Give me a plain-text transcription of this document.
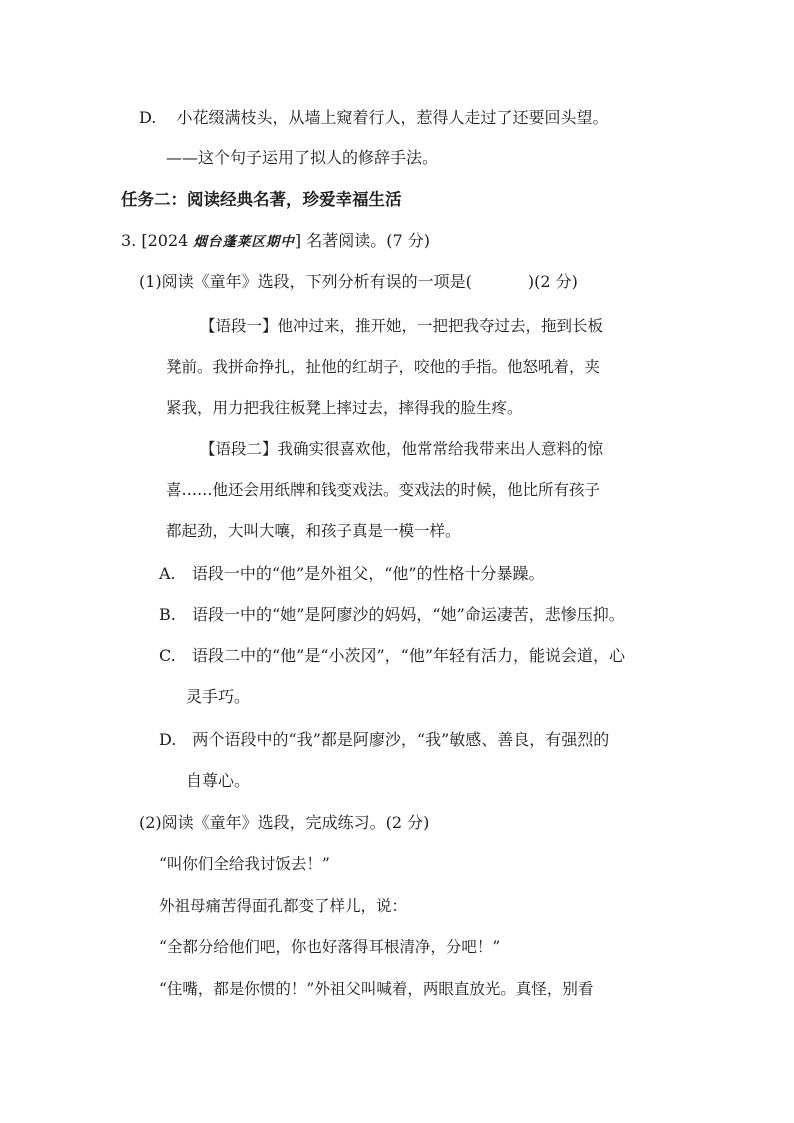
D. 小花缀满枝头，从墙上窥着行人，惹得人走过了还要回头望。
——这个句子运用了拟人的修辞手法。
任务二：阅读经典名著，珍爱幸福生活
3. [2024 烟台蓬莱区期中] 名著阅读。(7 分)
(1)阅读《童年》选段，下列分析有误的一项是(	)(2 分)
【语段一】他冲过来，推开她，一把把我夺过去，拖到长板
凳前。我拼命挣扎，扯他的红胡子，咬他的手指。他怒吼着，夹
紧我，用力把我往板凳上摔过去，摔得我的脸生疼。
【语段二】我确实很喜欢他，他常常给我带来出人意料的惊
喜……他还会用纸牌和钱变戏法。变戏法的时候，他比所有孩子
都起劲，大叫大嚷，和孩子真是一模一样。
A. 语段一中的“他”是外祖父，“他”的性格十分暴躁。
B. 语段一中的“她”是阿廖沙的妈妈，“她”命运凄苦，悲惨压抑。
C. 语段二中的“他”是“小茨冈”，“他”年轻有活力，能说会道，心
灵手巧。
D. 两个语段中的“我”都是阿廖沙，“我”敏感、善良，有强烈的
自尊心。
(2)阅读《童年》选段，完成练习。(2 分)
“叫你们全给我讨饭去！”
外祖母痛苦得面孔都变了样儿，说：
“全都分给他们吧，你也好落得耳根清净，分吧！”
“住嘴，都是你惯的！”外祖父叫喊着，两眼直放光。真怪，别看
